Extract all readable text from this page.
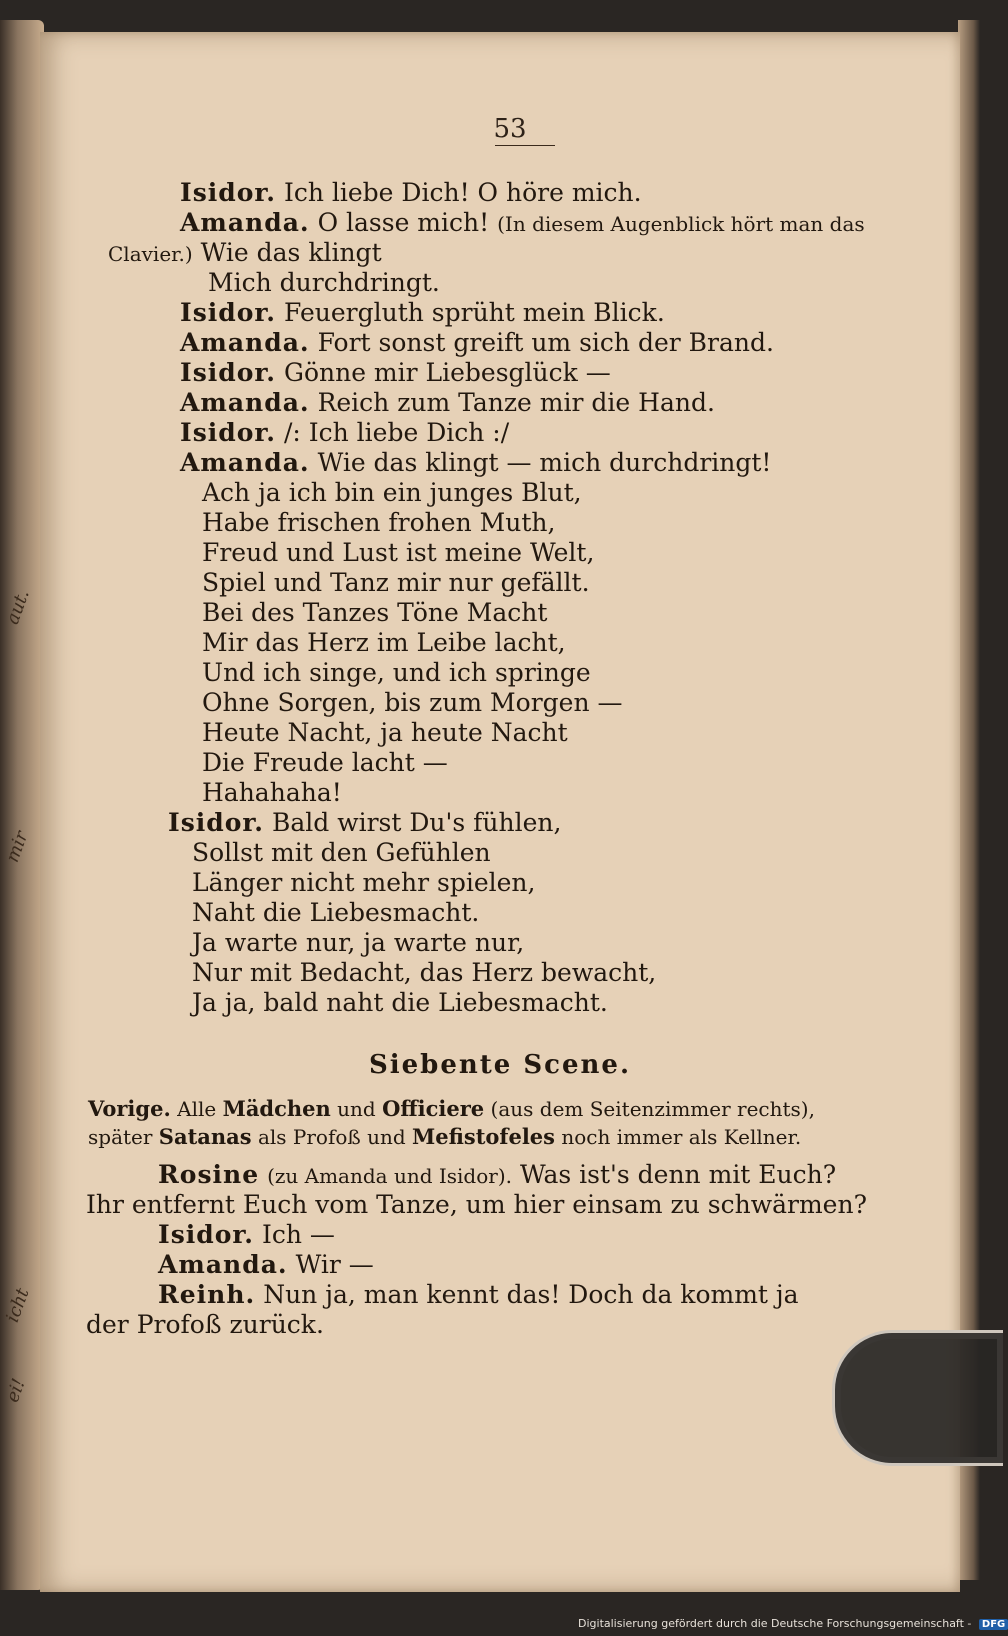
aut.
mir
icht
ei!
53
Isidor. Ich liebe Dich! O höre mich.
Amanda. O lasse mich! (In diesem Augenblick hört man das
Clavier.) Wie das klingt
Mich durchdringt.
Isidor. Feuergluth sprüht mein Blick.
Amanda. Fort sonst greift um sich der Brand.
Isidor. Gönne mir Liebesglück —
Amanda. Reich zum Tanze mir die Hand.
Isidor. /: Ich liebe Dich :/
Amanda. Wie das klingt — mich durchdringt!
Ach ja ich bin ein junges Blut,
Habe frischen frohen Muth,
Freud und Lust ist meine Welt,
Spiel und Tanz mir nur gefällt.
Bei des Tanzes Töne Macht
Mir das Herz im Leibe lacht,
Und ich singe, und ich springe
Ohne Sorgen, bis zum Morgen —
Heute Nacht, ja heute Nacht
Die Freude lacht —
Hahahaha!
Isidor. Bald wirst Du's fühlen,
Sollst mit den Gefühlen
Länger nicht mehr spielen,
Naht die Liebesmacht.
Ja warte nur, ja warte nur,
Nur mit Bedacht, das Herz bewacht,
Ja ja, bald naht die Liebesmacht.
Siebente Scene.
Vorige. Alle Mädchen und Officiere (aus dem Seitenzimmer rechts),
später Satanas als Profoß und Mefistofeles noch immer als Kellner.
Rosine (zu Amanda und Isidor). Was ist's denn mit Euch?
Ihr entfernt Euch vom Tanze, um hier einsam zu schwärmen?
Isidor. Ich —
Amanda. Wir —
Reinh. Nun ja, man kennt das! Doch da kommt ja
der Profoß zurück.
Digitalisierung gefördert durch die Deutsche Forschungsgemeinschaft - DFG
